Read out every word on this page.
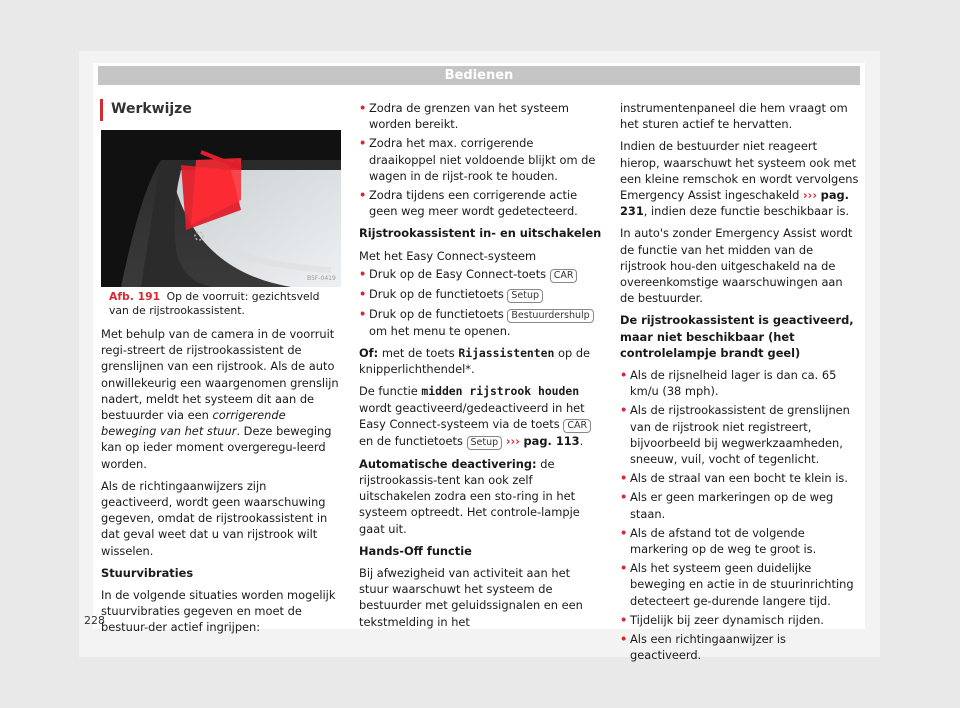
Bedienen
Werkwijze
B5F-0419
Afb. 191 Op de voorruit: gezichtsveld van de rijstrookassistent.

Met behulp van de camera in de voorruit regi-streert de rijstrookassistent de grenslijnen van een rijstrook. Als de auto onwillekeurig een waargenomen grenslijn nadert, meldt het systeem dit aan de bestuurder via een corrigerende beweging van het stuur. Deze beweging kan op ieder moment overgeregu-leerd worden.

Als de richtingaanwijzers zijn geactiveerd, wordt geen waarschuwing gegeven, omdat de rijstrookassistent in dat geval weet dat u van rijstrook wilt wisselen.

Stuurvibraties

In de volgende situaties worden mogelijk stuurvibraties gegeven en moet de bestuur-der actief ingrijpen:

• Zodra de grenzen van het systeem worden bereikt.
• Zodra het max. corrigerende draaikoppel niet voldoende blijkt om de wagen in de rijst-rook te houden.
• Zodra tijdens een corrigerende actie geen weg meer wordt gedetecteerd.

Rijstrookassistent in- en uitschakelen

Met het Easy Connect-systeem

• Druk op de Easy Connect-toets CAR
• Druk op de functietoets Setup
• Druk op de functietoets Bestuurdershulp om het menu te openen.

Of: met de toets Rijassistenten op de knipperlichthendel*.

De functie midden rijstrook houden wordt geactiveerd/gedeactiveerd in het Easy Connect-systeem via de toets CAR en de functietoets Setup ››› pag. 113.

Automatische deactivering: de rijstrookassis-tent kan ook zelf uitschakelen zodra een sto-ring in het systeem optreedt. Het controle-lampje gaat uit.

Hands-Off functie

Bij afwezigheid van activiteit aan het stuur waarschuwt het systeem de bestuurder met geluidssignalen en een tekstmelding in het

instrumentenpaneel die hem vraagt om het sturen actief te hervatten.

Indien de bestuurder niet reageert hierop, waarschuwt het systeem ook met een kleine remschok en wordt vervolgens Emergency Assist ingeschakeld ››› pag. 231, indien deze functie beschikbaar is.

In auto's zonder Emergency Assist wordt de functie van het midden van de rijstrook hou-den uitgeschakeld na de overeenkomstige waarschuwingen aan de bestuurder.

De rijstrookassistent is geactiveerd, maar niet beschikbaar (het controlelampje brandt geel)

• Als de rijsnelheid lager is dan ca. 65 km/u (38 mph).
• Als de rijstrookassistent de grenslijnen van de rijstrook niet registreert, bijvoorbeeld bij wegwerkzaamheden, sneeuw, vuil, vocht of tegenlicht.
• Als de straal van een bocht te klein is.
• Als er geen markeringen op de weg staan.
• Als de afstand tot de volgende markering op de weg te groot is.
• Als het systeem geen duidelijke beweging en actie in de stuurinrichting detecteert ge-durende langere tijd.
• Tijdelijk bij zeer dynamisch rijden.
• Als een richtingaanwijzer is geactiveerd.
228
